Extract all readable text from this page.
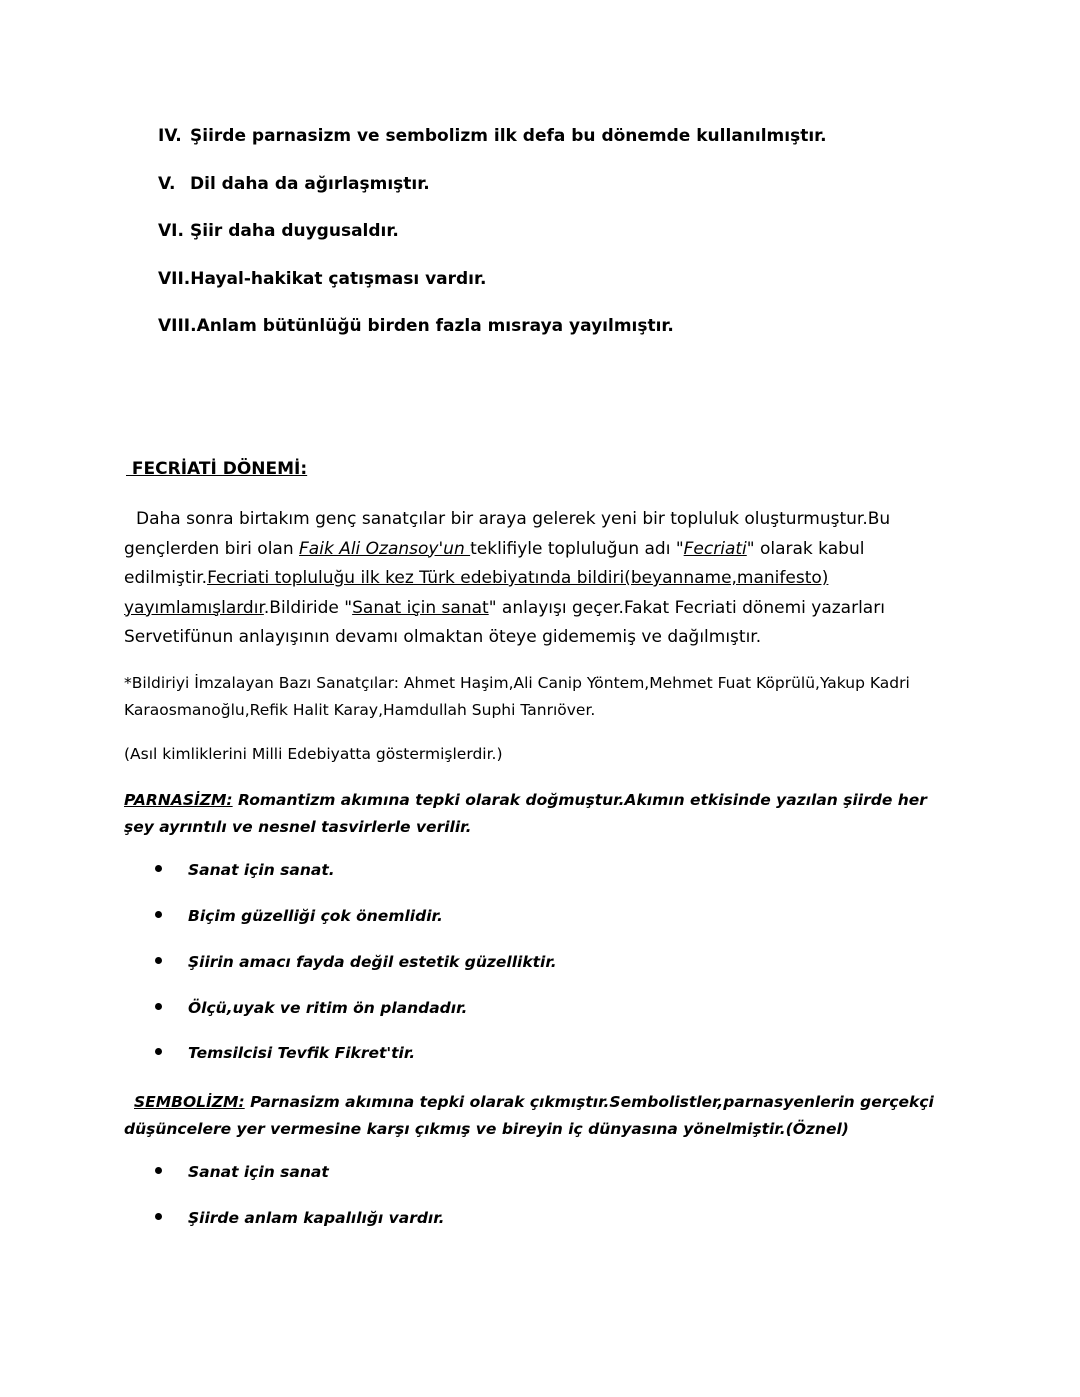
IV. Şiirde parnasizm ve sembolizm ilk defa bu dönemde kullanılmıştır.
V. Dil daha da ağırlaşmıştır.
VI. Şiir daha duygusaldır.
VII. Hayal-hakikat çatışması vardır.
VIII. Anlam bütünlüğü birden fazla mısraya yayılmıştır.
FECRİATİ DÖNEMİ:
Daha sonra birtakım genç sanatçılar bir araya gelerek yeni bir topluluk oluşturmuştur.Bu gençlerden biri olan Faik Ali Ozansoy'un teklifiyle topluluğun adı "Fecriati" olarak kabul edilmiştir.Fecriati topluluğu ilk kez Türk edebiyatında bildiri(beyanname,manifesto) yayımlamışlardır.Bildiride "Sanat için sanat" anlayışı geçer.Fakat Fecriati dönemi yazarları Servetifünun anlayışının devamı olmaktan öteye gidememiş ve dağılmıştır.
*Bildiriyi İmzalayan Bazı Sanatçılar: Ahmet Haşim,Ali Canip Yöntem,Mehmet Fuat Köprülü,Yakup Kadri Karaosmanoğlu,Refik Halit Karay,Hamdullah Suphi Tanrıöver.
(Asıl kimliklerini Milli Edebiyatta göstermişlerdir.)
PARNASİZM: Romantizm akımına tepki olarak doğmuştur.Akımın etkisinde yazılan şiirde her şey ayrıntılı ve nesnel tasvirlerle verilir.
Sanat için sanat.
Biçim güzelliği çok önemlidir.
Şiirin amacı fayda değil estetik güzelliktir.
Ölçü,uyak ve ritim ön plandadır.
Temsilcisi Tevfik Fikret'tir.
SEMBOLİZM: Parnasizm akımına tepki olarak çıkmıştır.Sembolistler,parnasyenlerin gerçekçi düşüncelere yer vermesine karşı çıkmış ve bireyin iç dünyasına yönelmiştir.(Öznel)
Sanat için sanat
Şiirde anlam kapalılığı vardır.
